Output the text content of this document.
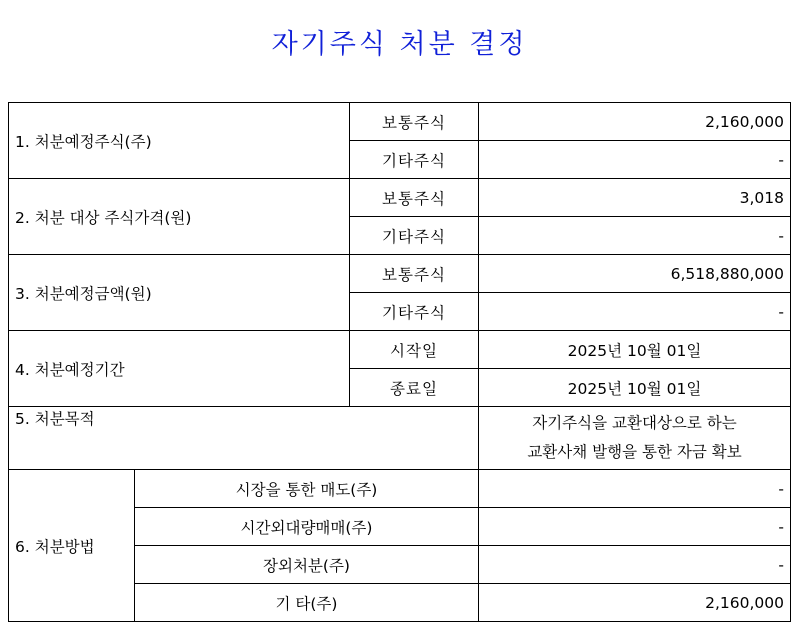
자기주식 처분 결정
1. 처분예정주식(주)		보통주식	2,160,000
		기타주식	-
2. 처분 대상 주식가격(원)		보통주식	3,018
		기타주식	-
3. 처분예정금액(원)		보통주식	6,518,880,000
		기타주식	-
4. 처분예정기간		시작일	2025년 10월 01일
		종료일	2025년 10월 01일
5. 처분목적			자기주식을 교환대상으로 하는
교환사채 발행을 통한 자금 확보

6. 처분방법	시장을 통한 매도(주)		-
	시간외대량매매(주)		-
	장외처분(주)		-
	기 타(주)		2,160,000
